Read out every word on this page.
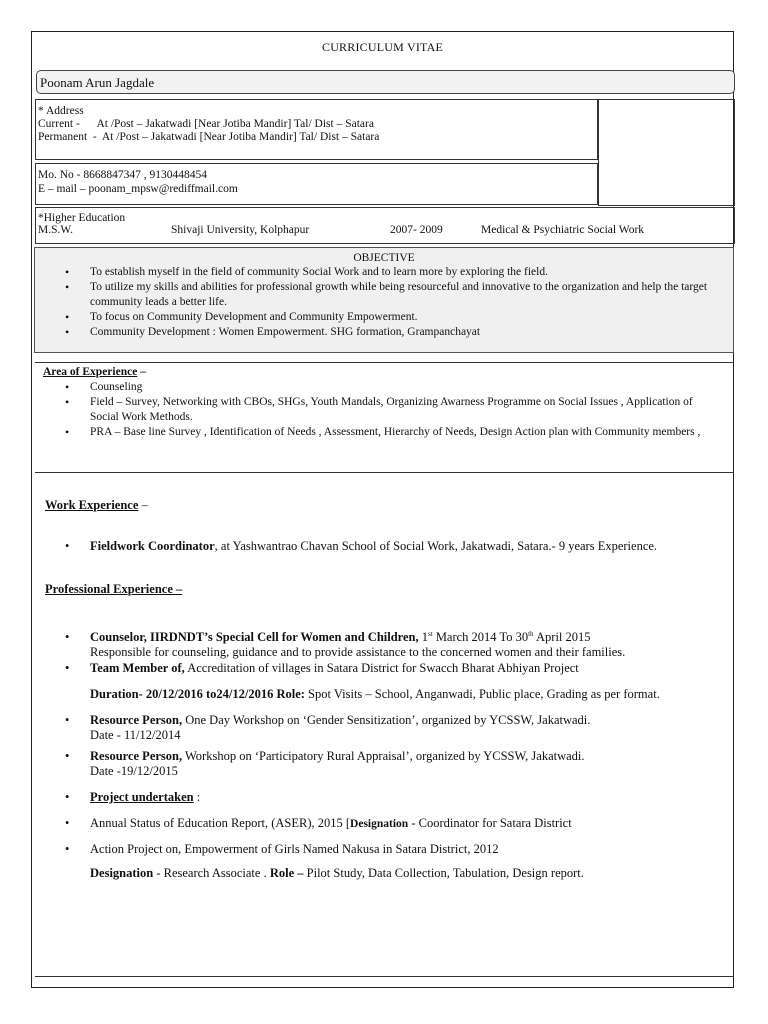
CURRICULUM VITAE
Poonam Arun Jagdale
* Address
Current -      At /Post – Jakatwadi [Near Jotiba Mandir] Tal/ Dist – Satara
Permanent  -  At /Post – Jakatwadi [Near Jotiba Mandir] Tal/ Dist – Satara
Mo. No - 8668847347 , 9130448454
E – mail – poonam_mpsw@rediffmail.com
*Higher Education
M.S.W.	Shivaji University, Kolphapur	2007- 2009	Medical & Psychiatric Social Work
OBJECTIVE
• To establish myself in the field of community Social Work and to learn more by exploring the field.
• To utilize my skills and abilities for professional growth while being resourceful and innovative to the organization and help the target community leads a better life.
• To focus on Community Development and Community Empowerment.
• Community Development : Women Empowerment. SHG formation, Grampanchayat
Area of Experience –
• Counseling
• Field – Survey, Networking with CBOs, SHGs, Youth Mandals, Organizing Awarness Programme on Social Issues , Application of Social Work Methods.
• PRA – Base line Survey , Identification of Needs , Assessment, Hierarchy of Needs, Design Action plan with Community members ,
Work Experience –
• Fieldwork Coordinator, at Yashwantrao Chavan School of Social Work, Jakatwadi, Satara.- 9 years Experience.
Professional Experience –
• Counselor, IIRDNDT’s Special Cell for Women and Children, 1st March 2014 To 30th April 2015
Responsible for counseling, guidance and to provide assistance to the concerned women and their families.
• Team Member of, Accreditation of villages in Satara District for Swacch Bharat Abhiyan Project
Duration- 20/12/2016 to24/12/2016 Role: Spot Visits – School, Anganwadi, Public place, Grading as per format.
• Resource Person, One Day Workshop on ‘Gender Sensitization’, organized by YCSSW, Jakatwadi.
Date - 11/12/2014
• Resource Person, Workshop on ‘Participatory Rural Appraisal’, organized by YCSSW, Jakatwadi.
Date -19/12/2015
• Project undertaken :
• Annual Status of Education Report, (ASER), 2015 [Designation - Coordinator for Satara District
• Action Project on, Empowerment of Girls Named Nakusa in Satara District, 2012
Designation - Research Associate . Role – Pilot Study, Data Collection, Tabulation, Design report.
